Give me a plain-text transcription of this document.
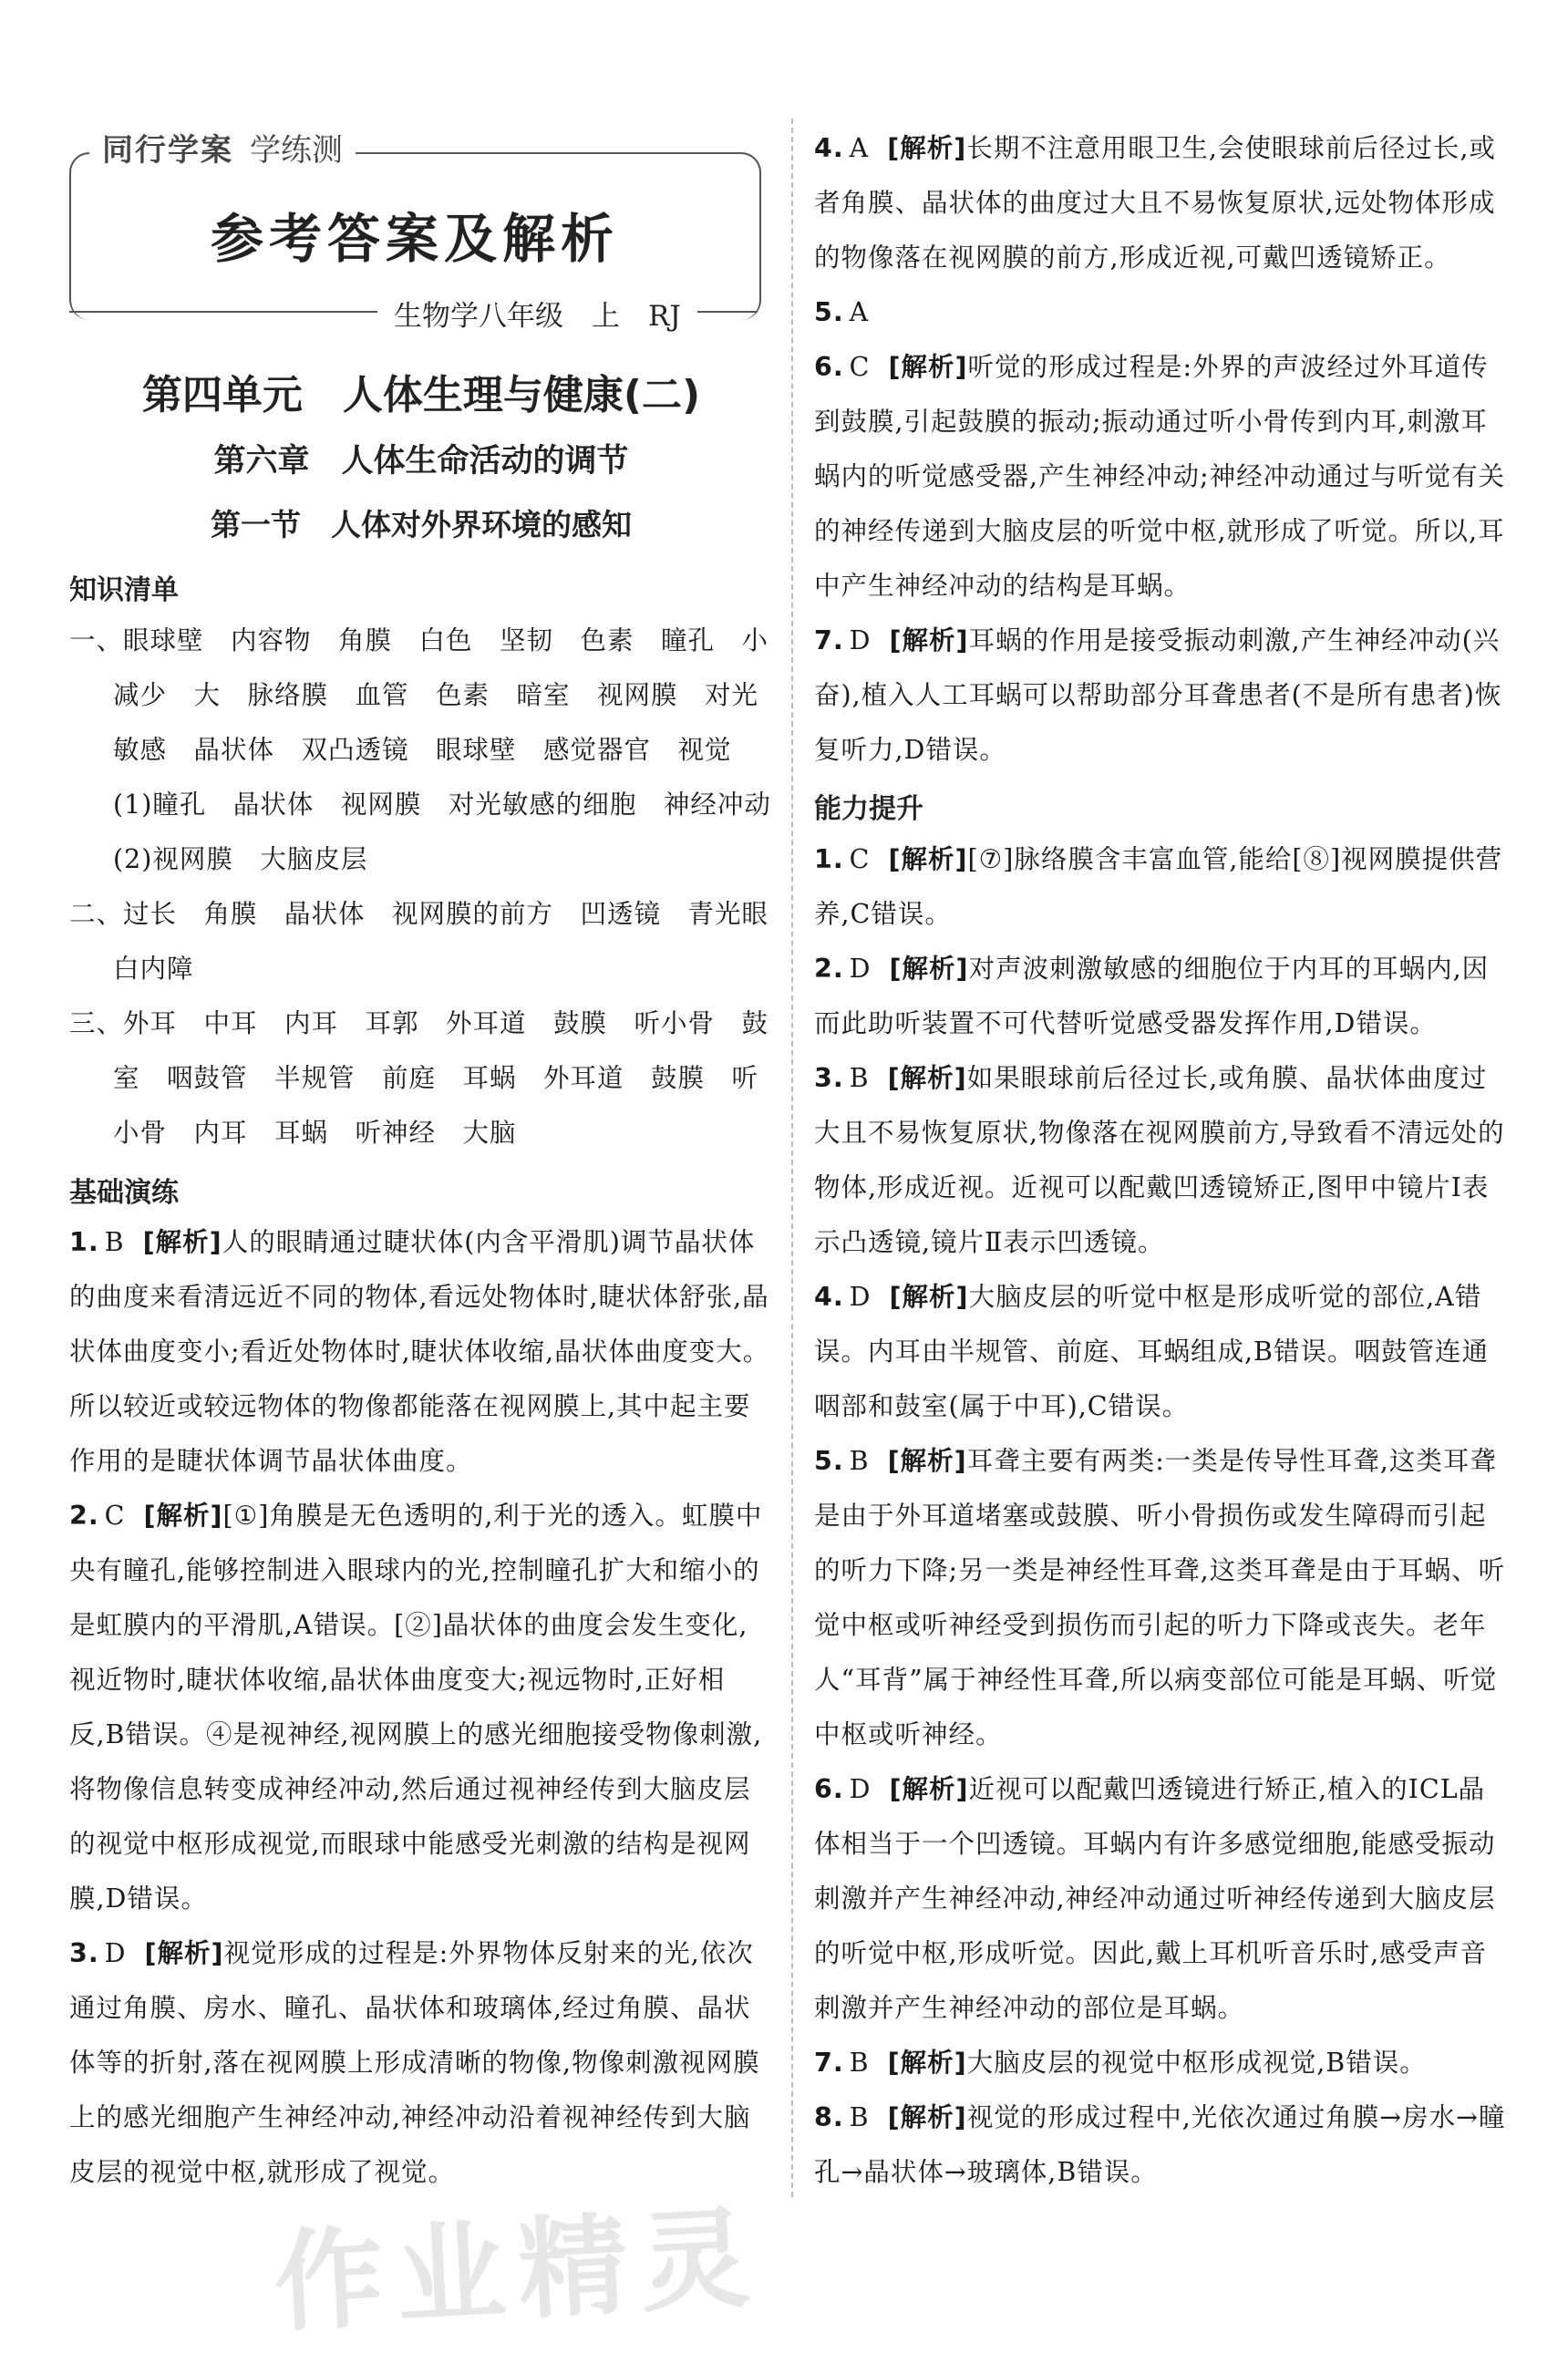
同行学案 学练测
参考答案及解析
生物学八年级　上　RJ
第四单元　人体生理与健康(二)
第六章　人体生命活动的调节
第一节　人体对外界环境的感知
知识清单
一、眼球壁　内容物　角膜　白色　坚韧　色素　瞳孔　小　减少　大　脉络膜　血管　色素　暗室　视网膜　对光敏感　晶状体　双凸透镜　眼球壁　感觉器官　视觉　(1)瞳孔　晶状体　视网膜　对光敏感的细胞　神经冲动　(2)视网膜　大脑皮层
二、过长　角膜　晶状体　视网膜的前方　凹透镜　青光眼　白内障
三、外耳　中耳　内耳　耳郭　外耳道　鼓膜　听小骨　鼓室　咽鼓管　半规管　前庭　耳蜗　外耳道　鼓膜　听小骨　内耳　耳蜗　听神经　大脑
基础演练
1. B [解析]人的眼睛通过睫状体(内含平滑肌)调节晶状体的曲度来看清远近不同的物体,看远处物体时,睫状体舒张,晶状体曲度变小;看近处物体时,睫状体收缩,晶状体曲度变大。所以较近或较远物体的物像都能落在视网膜上,其中起主要作用的是睫状体调节晶状体曲度。
2. C [解析][①]角膜是无色透明的,利于光的透入。虹膜中央有瞳孔,能够控制进入眼球内的光,控制瞳孔扩大和缩小的是虹膜内的平滑肌,A错误。[②]晶状体的曲度会发生变化,视近物时,睫状体收缩,晶状体曲度变大;视远物时,正好相反,B错误。④是视神经,视网膜上的感光细胞接受物像刺激,将物像信息转变成神经冲动,然后通过视神经传到大脑皮层的视觉中枢形成视觉,而眼球中能感受光刺激的结构是视网膜,D错误。
3. D [解析]视觉形成的过程是:外界物体反射来的光,依次通过角膜、房水、瞳孔、晶状体和玻璃体,经过角膜、晶状体等的折射,落在视网膜上形成清晰的物像,物像刺激视网膜上的感光细胞产生神经冲动,神经冲动沿着视神经传到大脑皮层的视觉中枢,就形成了视觉。
4. A [解析]长期不注意用眼卫生,会使眼球前后径过长,或者角膜、晶状体的曲度过大且不易恢复原状,远处物体形成的物像落在视网膜的前方,形成近视,可戴凹透镜矫正。
5. A
6. C [解析]听觉的形成过程是:外界的声波经过外耳道传到鼓膜,引起鼓膜的振动;振动通过听小骨传到内耳,刺激耳蜗内的听觉感受器,产生神经冲动;神经冲动通过与听觉有关的神经传递到大脑皮层的听觉中枢,就形成了听觉。所以,耳中产生神经冲动的结构是耳蜗。
7. D [解析]耳蜗的作用是接受振动刺激,产生神经冲动(兴奋),植入人工耳蜗可以帮助部分耳聋患者(不是所有患者)恢复听力,D错误。
能力提升
1. C [解析][⑦]脉络膜含丰富血管,能给[⑧]视网膜提供营养,C错误。
2. D [解析]对声波刺激敏感的细胞位于内耳的耳蜗内,因而此助听装置不可代替听觉感受器发挥作用,D错误。
3. B [解析]如果眼球前后径过长,或角膜、晶状体曲度过大且不易恢复原状,物像落在视网膜前方,导致看不清远处的物体,形成近视。近视可以配戴凹透镜矫正,图甲中镜片Ⅰ表示凸透镜,镜片Ⅱ表示凹透镜。
4. D [解析]大脑皮层的听觉中枢是形成听觉的部位,A错误。内耳由半规管、前庭、耳蜗组成,B错误。咽鼓管连通咽部和鼓室(属于中耳),C错误。
5. B [解析]耳聋主要有两类:一类是传导性耳聋,这类耳聋是由于外耳道堵塞或鼓膜、听小骨损伤或发生障碍而引起的听力下降;另一类是神经性耳聋,这类耳聋是由于耳蜗、听觉中枢或听神经受到损伤而引起的听力下降或丧失。老年人“耳背”属于神经性耳聋,所以病变部位可能是耳蜗、听觉中枢或听神经。
6. D [解析]近视可以配戴凹透镜进行矫正,植入的ICL晶体相当于一个凹透镜。耳蜗内有许多感觉细胞,能感受振动刺激并产生神经冲动,神经冲动通过听神经传递到大脑皮层的听觉中枢,形成听觉。因此,戴上耳机听音乐时,感受声音刺激并产生神经冲动的部位是耳蜗。
7. B [解析]大脑皮层的视觉中枢形成视觉,B错误。
8. B [解析]视觉的形成过程中,光依次通过角膜→房水→瞳孔→晶状体→玻璃体,B错误。
作业精灵
